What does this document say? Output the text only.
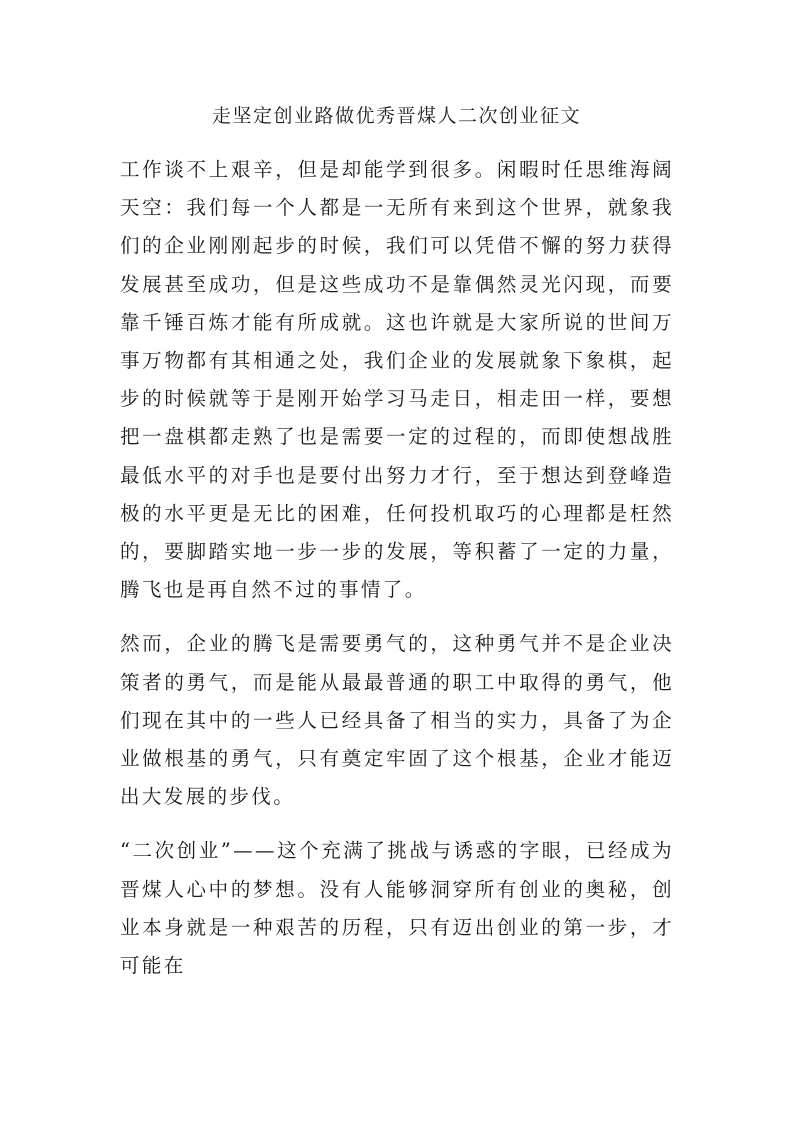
走坚定创业路做优秀晋煤人二次创业征文

工作谈不上艰辛，但是却能学到很多。闲暇时任思维海阔天空：我们每一个人都是一无所有来到这个世界，就象我们的企业刚刚起步的时候，我们可以凭借不懈的努力获得发展甚至成功，但是这些成功不是靠偶然灵光闪现，而要靠千锤百炼才能有所成就。这也许就是大家所说的世间万事万物都有其相通之处，我们企业的发展就象下象棋，起步的时候就等于是刚开始学习马走日，相走田一样，要想把一盘棋都走熟了也是需要一定的过程的，而即使想战胜最低水平的对手也是要付出努力才行，至于想达到登峰造极的水平更是无比的困难，任何投机取巧的心理都是枉然的，要脚踏实地一步一步的发展，等积蓄了一定的力量，腾飞也是再自然不过的事情了。

然而，企业的腾飞是需要勇气的，这种勇气并不是企业决策者的勇气，而是能从最最普通的职工中取得的勇气，他们现在其中的一些人已经具备了相当的实力，具备了为企业做根基的勇气，只有奠定牢固了这个根基，企业才能迈出大发展的步伐。

“二次创业”——这个充满了挑战与诱惑的字眼，已经成为晋煤人心中的梦想。没有人能够洞穿所有创业的奥秘，创业本身就是一种艰苦的历程，只有迈出创业的第一步，才可能在
